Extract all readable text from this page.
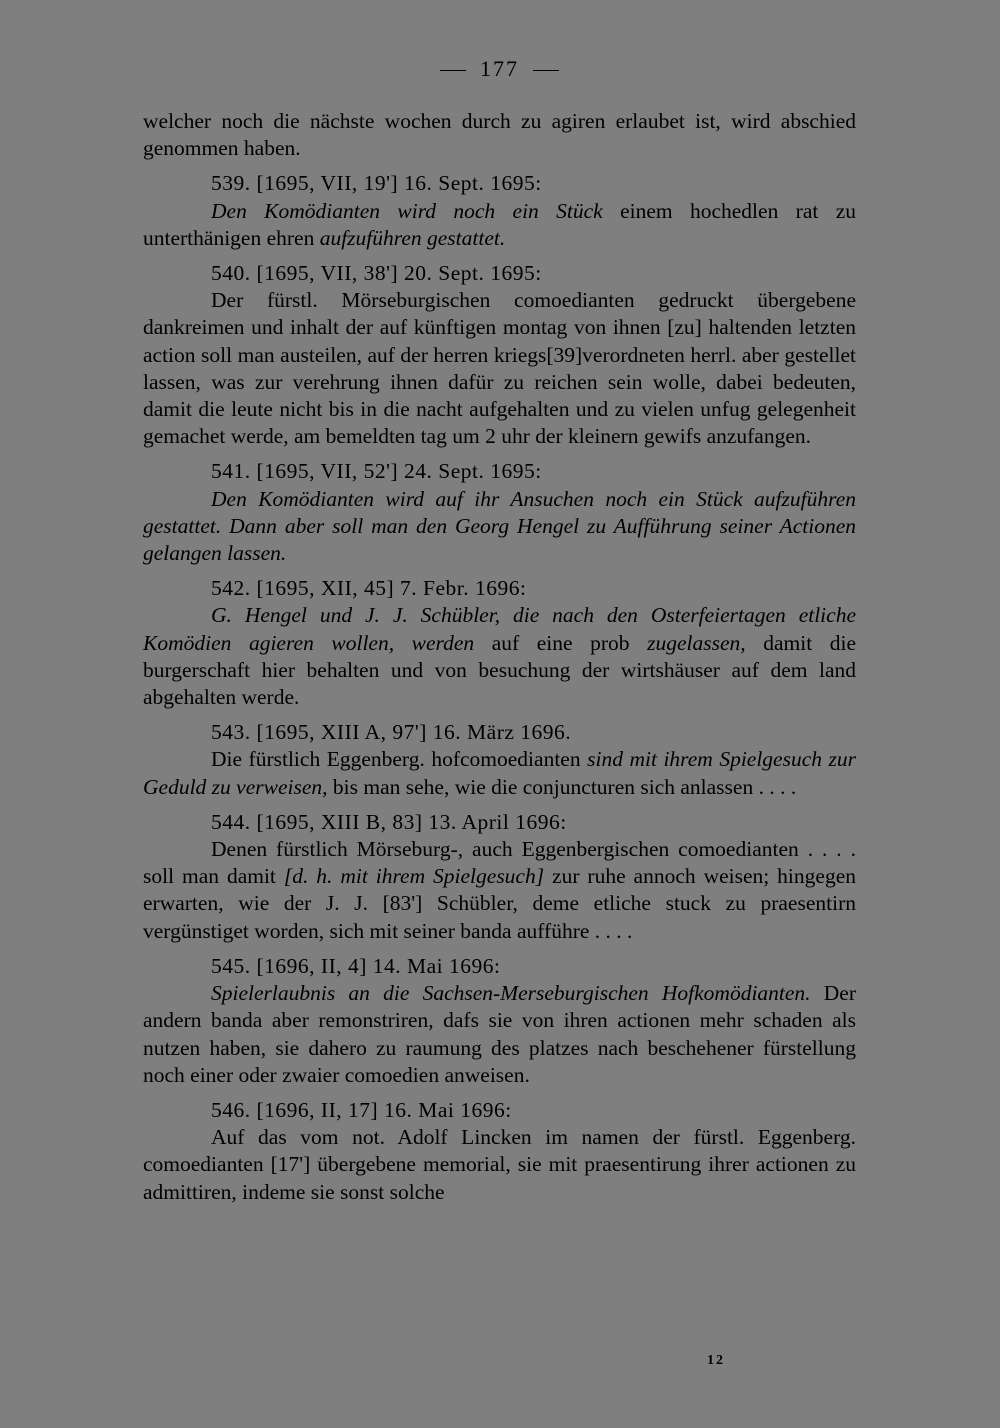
177

welcher noch die nächste wochen durch zu agiren erlaubet ist, wird abschied genommen haben.

539. [1695, VII, 19'] 16. Sept. 1695:

Den Komödianten wird noch ein Stück einem hochedlen rat zu unterthänigen ehren aufzuführen gestattet.

540. [1695, VII, 38'] 20. Sept. 1695:

Der fürstl. Mörseburgischen comoedianten gedruckt übergebene dankreimen und inhalt der auf künftigen montag von ihnen [zu] haltenden letzten action soll man austeilen, auf der herren kriegs[39]verordneten herrl. aber gestellet lassen, was zur verehrung ihnen dafür zu reichen sein wolle, dabei bedeuten, damit die leute nicht bis in die nacht aufgehalten und zu vielen unfug gelegenheit gemachet werde, am bemeldten tag um 2 uhr der kleinern gewifs anzufangen.

541. [1695, VII, 52'] 24. Sept. 1695:

Den Komödianten wird auf ihr Ansuchen noch ein Stück aufzuführen gestattet. Dann aber soll man den Georg Hengel zu Aufführung seiner Actionen gelangen lassen.

542. [1695, XII, 45] 7. Febr. 1696:

G. Hengel und J. J. Schübler, die nach den Osterfeiertagen etliche Komödien agieren wollen, werden auf eine prob zugelassen, damit die burgerschaft hier behalten und von besuchung der wirtshäuser auf dem land abgehalten werde.

543. [1695, XIII A, 97'] 16. März 1696.

Die fürstlich Eggenberg. hofcomoedianten sind mit ihrem Spielgesuch zur Geduld zu verweisen, bis man sehe, wie die conjuncturen sich anlassen . . . .

544. [1695, XIII B, 83] 13. April 1696:

Denen fürstlich Mörseburg-, auch Eggenbergischen comoedianten . . . . soll man damit [d. h. mit ihrem Spielgesuch] zur ruhe annoch weisen; hingegen erwarten, wie der J. J. [83'] Schübler, deme etliche stuck zu praesentirn vergünstiget worden, sich mit seiner banda aufführe . . . .

545. [1696, II, 4] 14. Mai 1696:

Spielerlaubnis an die Sachsen-Merseburgischen Hofkomödianten. Der andern banda aber remonstriren, dafs sie von ihren actionen mehr schaden als nutzen haben, sie dahero zu raumung des platzes nach beschehener fürstellung noch einer oder zwaier comoedien anweisen.

546. [1696, II, 17] 16. Mai 1696:

Auf das vom not. Adolf Lincken im namen der fürstl. Eggenberg. comoedianten [17'] übergebene memorial, sie mit praesentirung ihrer actionen zu admittiren, indeme sie sonst solche

12
